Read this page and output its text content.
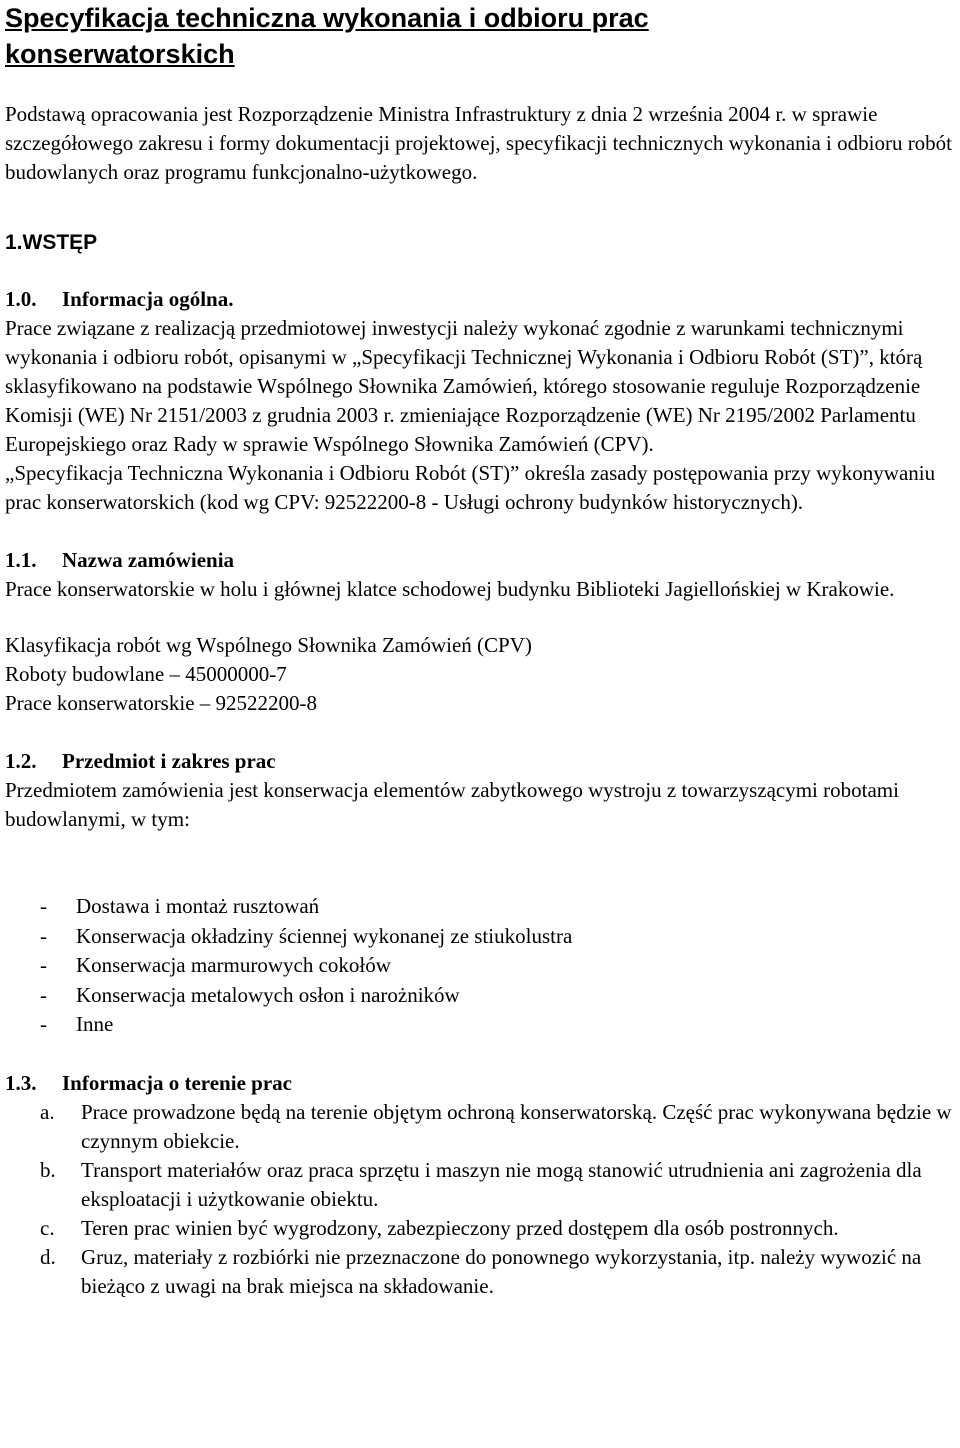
Specyfikacja techniczna wykonania i odbioru prac konserwatorskich

Podstawą opracowania jest Rozporządzenie Ministra Infrastruktury z dnia 2 września 2004 r. w sprawie szczegółowego zakresu i formy dokumentacji projektowej, specyfikacji technicznych wykonania i odbioru robót budowlanych oraz programu funkcjonalno-użytkowego.

1.WSTĘP
1.0. Informacja ogólna.

Prace związane z realizacją przedmiotowej inwestycji należy wykonać zgodnie z warunkami technicznymi wykonania i odbioru robót, opisanymi w „Specyfikacji Technicznej Wykonania i Odbioru Robót (ST)”, którą sklasyfikowano na podstawie Wspólnego Słownika Zamówień, którego stosowanie reguluje Rozporządzenie Komisji (WE) Nr 2151/2003 z grudnia 2003 r. zmieniające Rozporządzenie (WE) Nr 2195/2002 Parlamentu Europejskiego oraz Rady w sprawie Wspólnego Słownika Zamówień (CPV).

„Specyfikacja Techniczna Wykonania i Odbioru Robót (ST)” określa zasady postępowania przy wykonywaniu prac konserwatorskich (kod wg CPV: 92522200-8 - Usługi ochrony budynków historycznych).

1.1. Nazwa zamówienia

Prace konserwatorskie w holu i głównej klatce schodowej budynku Biblioteki Jagiellońskiej w Krakowie.

Klasyfikacja robót wg Wspólnego Słownika Zamówień (CPV)

Roboty budowlane – 45000000-7

Prace konserwatorskie – 92522200-8

1.2. Przedmiot i zakres prac

Przedmiotem zamówienia jest konserwacja elementów zabytkowego wystroju z towarzyszącymi robotami budowlanymi, w tym:

-	Dostawa i montaż rusztowań
-	Konserwacja okładziny ściennej wykonanej ze stiukolustra
-	Konserwacja marmurowych cokołów
-	Konserwacja metalowych osłon i narożników
-	Inne
1.3. Informacja o terenie prac
a.	Prace prowadzone będą na terenie objętym ochroną konserwatorską. Część prac wykonywana będzie w czynnym obiekcie.
b.	Transport materiałów oraz praca sprzętu i maszyn nie mogą stanowić utrudnienia ani zagrożenia dla eksploatacji i użytkowanie obiektu.
c.	Teren prac winien być wygrodzony, zabezpieczony przed dostępem dla osób postronnych.
d.	Gruz, materiały z rozbiórki nie przeznaczone do ponownego wykorzystania, itp. należy wywozić na bieżąco z uwagi na brak miejsca na składowanie.
